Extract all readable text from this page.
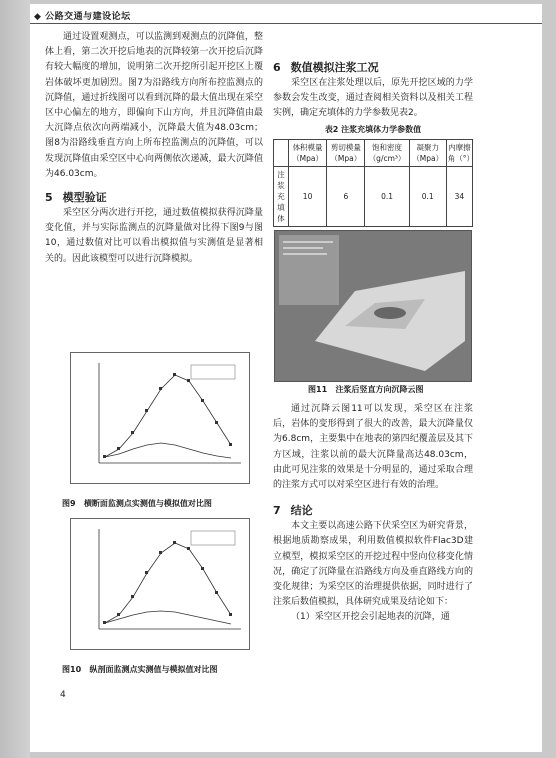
◆ 公路交通与建设论坛

通过设置观测点，可以监测到观测点的沉降值，整体上看，第二次开挖后地表的沉降较第一次开挖后沉降有较大幅度的增加，说明第二次开挖所引起开挖区上覆岩体破坏更加剧烈。图7为沿路线方向所布控监测点的沉降值，通过折线图可以看到沉降的最大值出现在采空区中心偏左的地方，即偏向下山方向，并且沉降值由最大沉降点依次向两端减小，沉降最大值为48.03cm；图8为沿路线垂直方向上所布控监测点的沉降值，可以发现沉降值由采空区中心向两侧依次递减，最大沉降值为46.03cm。

5 模型验证

采空区分两次进行开挖，通过数值模拟获得沉降量变化值，并与实际监测点的沉降量做对比得下图9与图10，通过数值对比可以看出模拟值与实测值是显著相关的。因此该模型可以进行沉降模拟。

图9 横断面监测点实测值与模拟值对比图
图10 纵剖面监测点实测值与模拟值对比图
6 数值模拟注浆工况

采空区在注浆处理以后，原先开挖区域的力学参数会发生改变，通过查阅相关资料以及相关工程实例，确定充填体的力学参数见表2。

表2 注浆充填体力学参数值
	体积模量（Mpa）	剪切模量（Mpa）	饱和密度（g/cm³）	凝聚力（Mpa）	内摩擦角（°）
注浆充填体	10	6	0.1	0.1	34
图11 注浆后竖直方向沉降云图

通过沉降云图11可以发现，采空区在注浆后，岩体的变形得到了很大的改善，最大沉降量仅为6.8cm，主要集中在地表的第四纪覆盖层及其下方区域，注浆以前的最大沉降量高达48.03cm，由此可见注浆的效果是十分明显的，通过采取合理的注浆方式可以对采空区进行有效的治理。

7 结论

本文主要以高速公路下伏采空区为研究背景，根据地质勘察成果，利用数值模拟软件Flac3D建立模型，模拟采空区的开挖过程中竖向位移变化情况，确定了沉降量在沿路线方向及垂直路线方向的变化规律；为采空区的治理提供依据，同时进行了注浆后数值模拟，具体研究成果及结论如下：

（1）采空区开挖会引起地表的沉降，通

4
